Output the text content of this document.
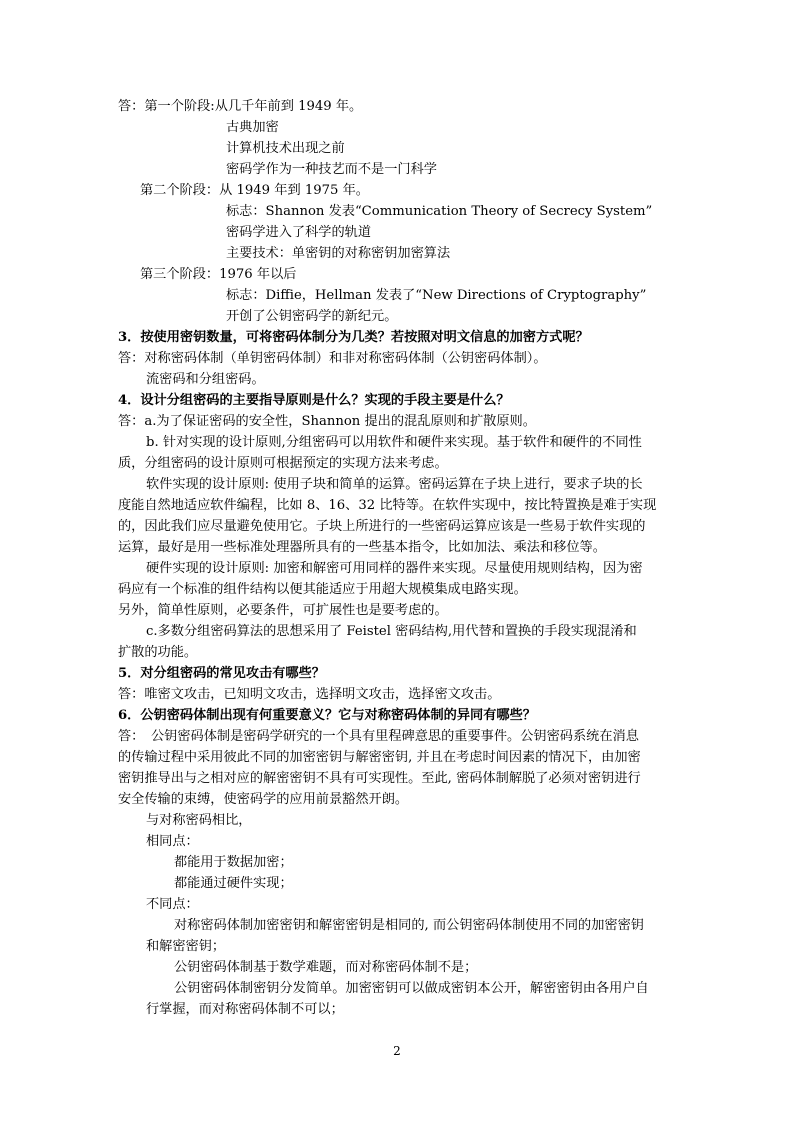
答：第一个阶段:从几千年前到 1949 年。
古典加密
计算机技术出现之前
密码学作为一种技艺而不是一门科学
第二个阶段：从 1949 年到 1975 年。
标志：Shannon 发表“Communication Theory of Secrecy System”
密码学进入了科学的轨道
主要技术：单密钥的对称密钥加密算法
第三个阶段：1976 年以后
标志：Diffie，Hellman 发表了“New Directions of Cryptography”
开创了公钥密码学的新纪元。
3．按使用密钥数量，可将密码体制分为几类？若按照对明文信息的加密方式呢？
答：对称密码体制（单钥密码体制）和非对称密码体制（公钥密码体制）。
流密码和分组密码。
4．设计分组密码的主要指导原则是什么？实现的手段主要是什么？
答：a.为了保证密码的安全性，Shannon 提出的混乱原则和扩散原则。
b. 针对实现的设计原则,分组密码可以用软件和硬件来实现。基于软件和硬件的不同性
质，分组密码的设计原则可根据预定的实现方法来考虑。
软件实现的设计原则: 使用子块和简单的运算。密码运算在子块上进行，要求子块的长
度能自然地适应软件编程，比如 8、16、32 比特等。在软件实现中，按比特置换是难于实现
的，因此我们应尽量避免使用它。子块上所进行的一些密码运算应该是一些易于软件实现的
运算，最好是用一些标准处理器所具有的一些基本指令，比如加法、乘法和移位等。
硬件实现的设计原则: 加密和解密可用同样的器件来实现。尽量使用规则结构，因为密
码应有一个标准的组件结构以便其能适应于用超大规模集成电路实现。
另外，简单性原则，必要条件，可扩展性也是要考虑的。
c.多数分组密码算法的思想采用了 Feistel 密码结构,用代替和置换的手段实现混淆和
扩散的功能。
5．对分组密码的常见攻击有哪些？
答：唯密文攻击，已知明文攻击，选择明文攻击，选择密文攻击。
6．公钥密码体制出现有何重要意义？它与对称密码体制的异同有哪些？
答：　公钥密码体制是密码学研究的一个具有里程碑意思的重要事件。公钥密码系统在消息
的传输过程中采用彼此不同的加密密钥与解密密钥, 并且在考虑时间因素的情况下，由加密
密钥推导出与之相对应的解密密钥不具有可实现性。至此, 密码体制解脱了必须对密钥进行
安全传输的束缚，使密码学的应用前景豁然开朗。
与对称密码相比，
相同点：
都能用于数据加密；
都能通过硬件实现；
不同点：
对称密码体制加密密钥和解密密钥是相同的, 而公钥密码体制使用不同的加密密钥
和解密密钥；
公钥密码体制基于数学难题，而对称密码体制不是；
公钥密码体制密钥分发简单。加密密钥可以做成密钥本公开，解密密钥由各用户自
行掌握，而对称密码体制不可以；
2
